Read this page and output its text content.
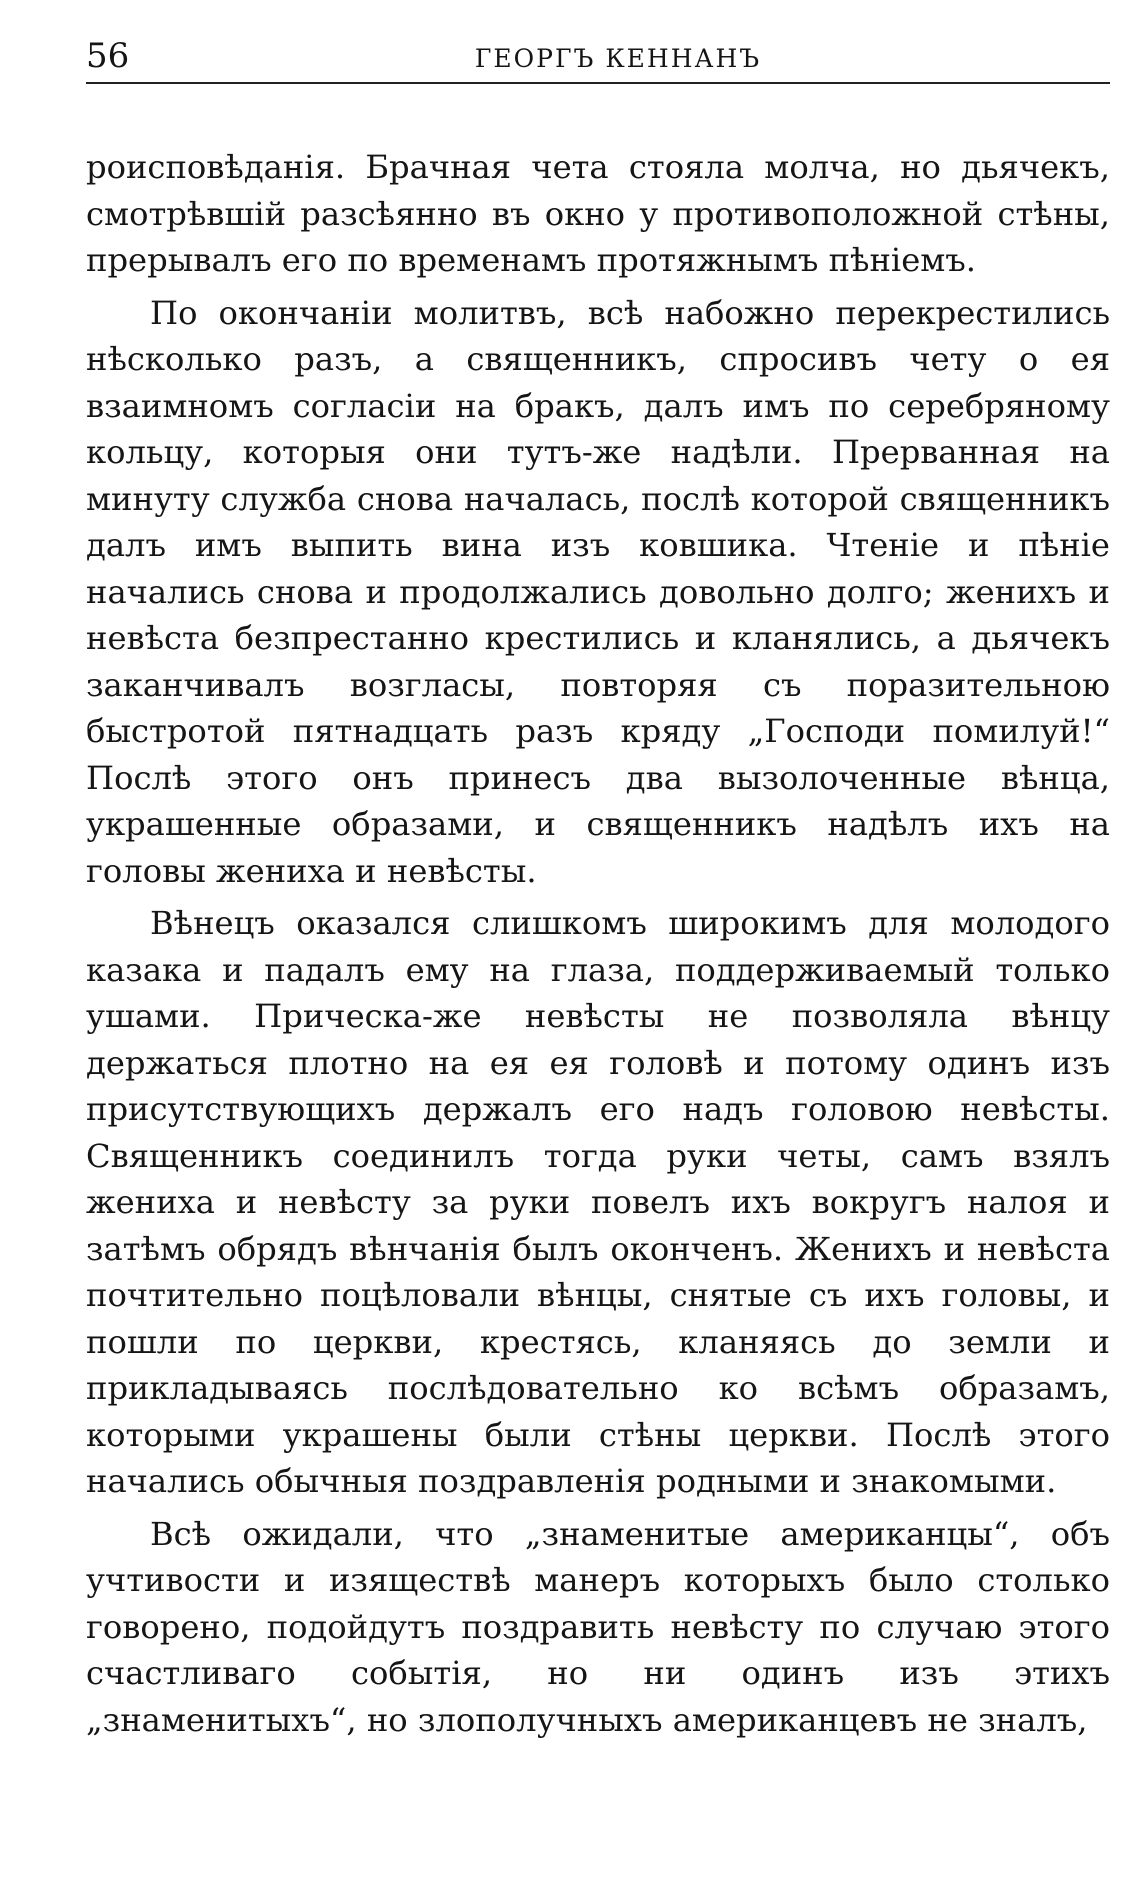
56	ГЕОРГЪ КЕННАНЪ

роисповѣданія. Брачная чета стояла молча, но дьячекъ, смотрѣвшій разсѣянно въ окно у противоположной стѣны, прерывалъ его по временамъ протяжнымъ пѣніемъ.

По окончаніи молитвъ, всѣ набожно перекрестились нѣсколько разъ, а священникъ, спросивъ чету о ея взаимномъ согласіи на бракъ, далъ имъ по серебряному кольцу, которыя они тутъ-же надѣли. Прерванная на минуту служба снова началась, послѣ которой священникъ далъ имъ выпить вина изъ ковшика. Чтеніе и пѣніе начались снова и продолжались довольно долго; женихъ и невѣста безпрестанно крестились и кланялись, а дьячекъ заканчивалъ возгласы, повторяя съ поразительною быстротой пятнадцать разъ кряду „Господи помилуй!“ Послѣ этого онъ принесъ два вызолоченные вѣнца, украшенные образами, и священникъ надѣлъ ихъ на головы жениха и невѣсты.

Вѣнецъ оказался слишкомъ широкимъ для молодого казака и падалъ ему на глаза, поддерживаемый только ушами. Прическа-же невѣсты не позволяла вѣнцу держаться плотно на ея ея головѣ и потому одинъ изъ присутствующихъ держалъ его надъ головою невѣсты. Священникъ соединилъ тогда руки четы, самъ взялъ жениха и невѣсту за руки повелъ ихъ вокругъ налоя и затѣмъ обрядъ вѣнчанія былъ оконченъ. Женихъ и невѣста почтительно поцѣловали вѣнцы, снятые съ ихъ головы, и пошли по церкви, крестясь, кланяясь до земли и прикладываясь послѣдовательно ко всѣмъ образамъ, которыми украшены были стѣны церкви. Послѣ этого начались обычныя поздравленія родными и знакомыми.

Всѣ ожидали, что „знаменитые американцы“, объ учтивости и изяществѣ манеръ которыхъ было столько говорено, подойдутъ поздравить невѣсту по случаю этого счастливаго событія, но ни одинъ изъ этихъ „знаменитыхъ“, но злополучныхъ американцевъ не зналъ,
